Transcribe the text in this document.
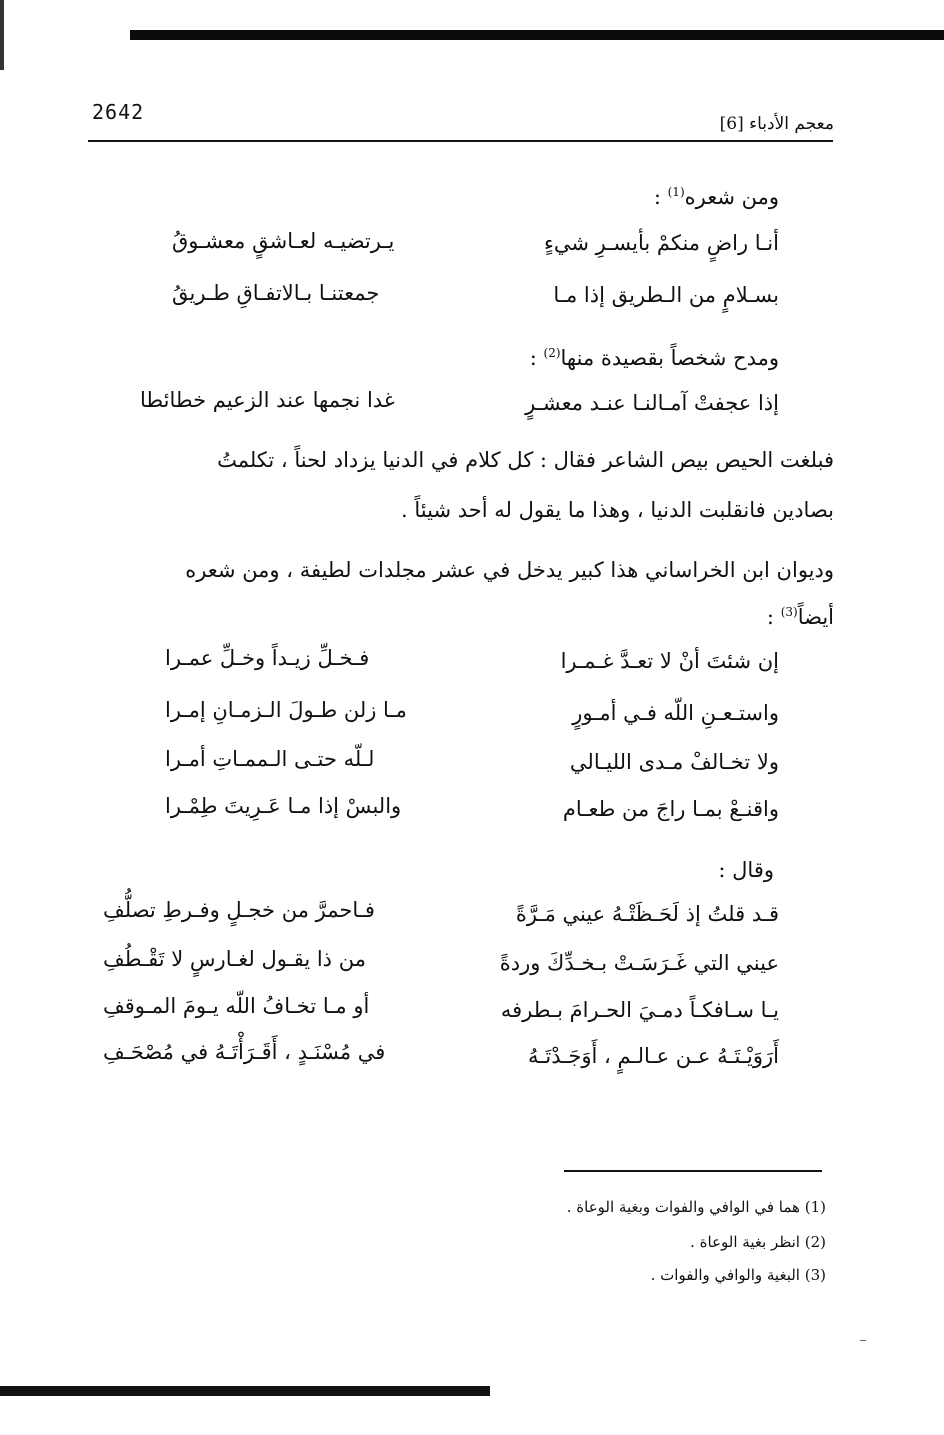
2642	معجم الأدباء [6]
ومن شعره$^{(1)}$ :
أنـا راضٍ منكمْ بأيسـرِ شيءٍ
يـرتضيـه لعـاشقٍ معشـوقُ
بسـلامٍ من الـطريق إذا مـا
جمعتنـا بـالاتفـاقِ طـريقُ
ومدح شخصاً بقصيدة منها$^{(2)}$ :
إذا عجفتْ آمـالنـا عنـد معشـرٍ
غدا نجمها عند الزعيم خطائطا
فبلغت الحيص بيص الشاعر فقال : كل كلام في الدنيا يزداد لحناً ، تكلمتُ
بصادين فانقلبت الدنيا ، وهذا ما يقول له أحد شيئاً .
وديوان ابن الخراساني هذا كبير يدخل في عشر مجلدات لطيفة ، ومن شعره
أيضاً$^{(3)}$ :
إن شئتَ أنْ لا تعـدَّ غـمـرا
فـخـلِّ زيـداً وخـلِّ عمـرا
واستـعـنِ اللّه فـي أمـورٍ
مـا زلن طـولَ الـزمـانِ إمـرا
ولا تخـالفْ مـدى الليـالي
لـلّه حتـى الـممـاتِ أمـرا
واقنـعْ بمـا راجَ من طعـام
والبسْ إذا مـا عَـرِيتَ طِمْـرا
وقال :
قـد قلتُ إذ لَحَـظَتْـهُ عيني مَـرَّةً
فـاحمرَّ من خجـلٍ وفـرطِ تصلُّفِ
عيني التي غَـرَسَـتْ بـخـدِّكَ وردةً
من ذا يقـول لغـارسٍ لا تَقْـطُفِ
يـا سـافكـاً دمـيَ الحـرامَ بـطرفه
أو مـا تخـافُ اللّه يـومَ المـوقفِ
أَرَوَيْـتَـهُ عـن عـالـمٍ ، أَوَجَـدْتَـهُ
في مُسْنَـدٍ ، أَقَـرَأْتَـهُ في مُصْحَـفِ
(1) هما في الوافي والفوات وبغية الوعاة .
(2) انظر بغية الوعاة .
(3) البغية والوافي والفوات .
